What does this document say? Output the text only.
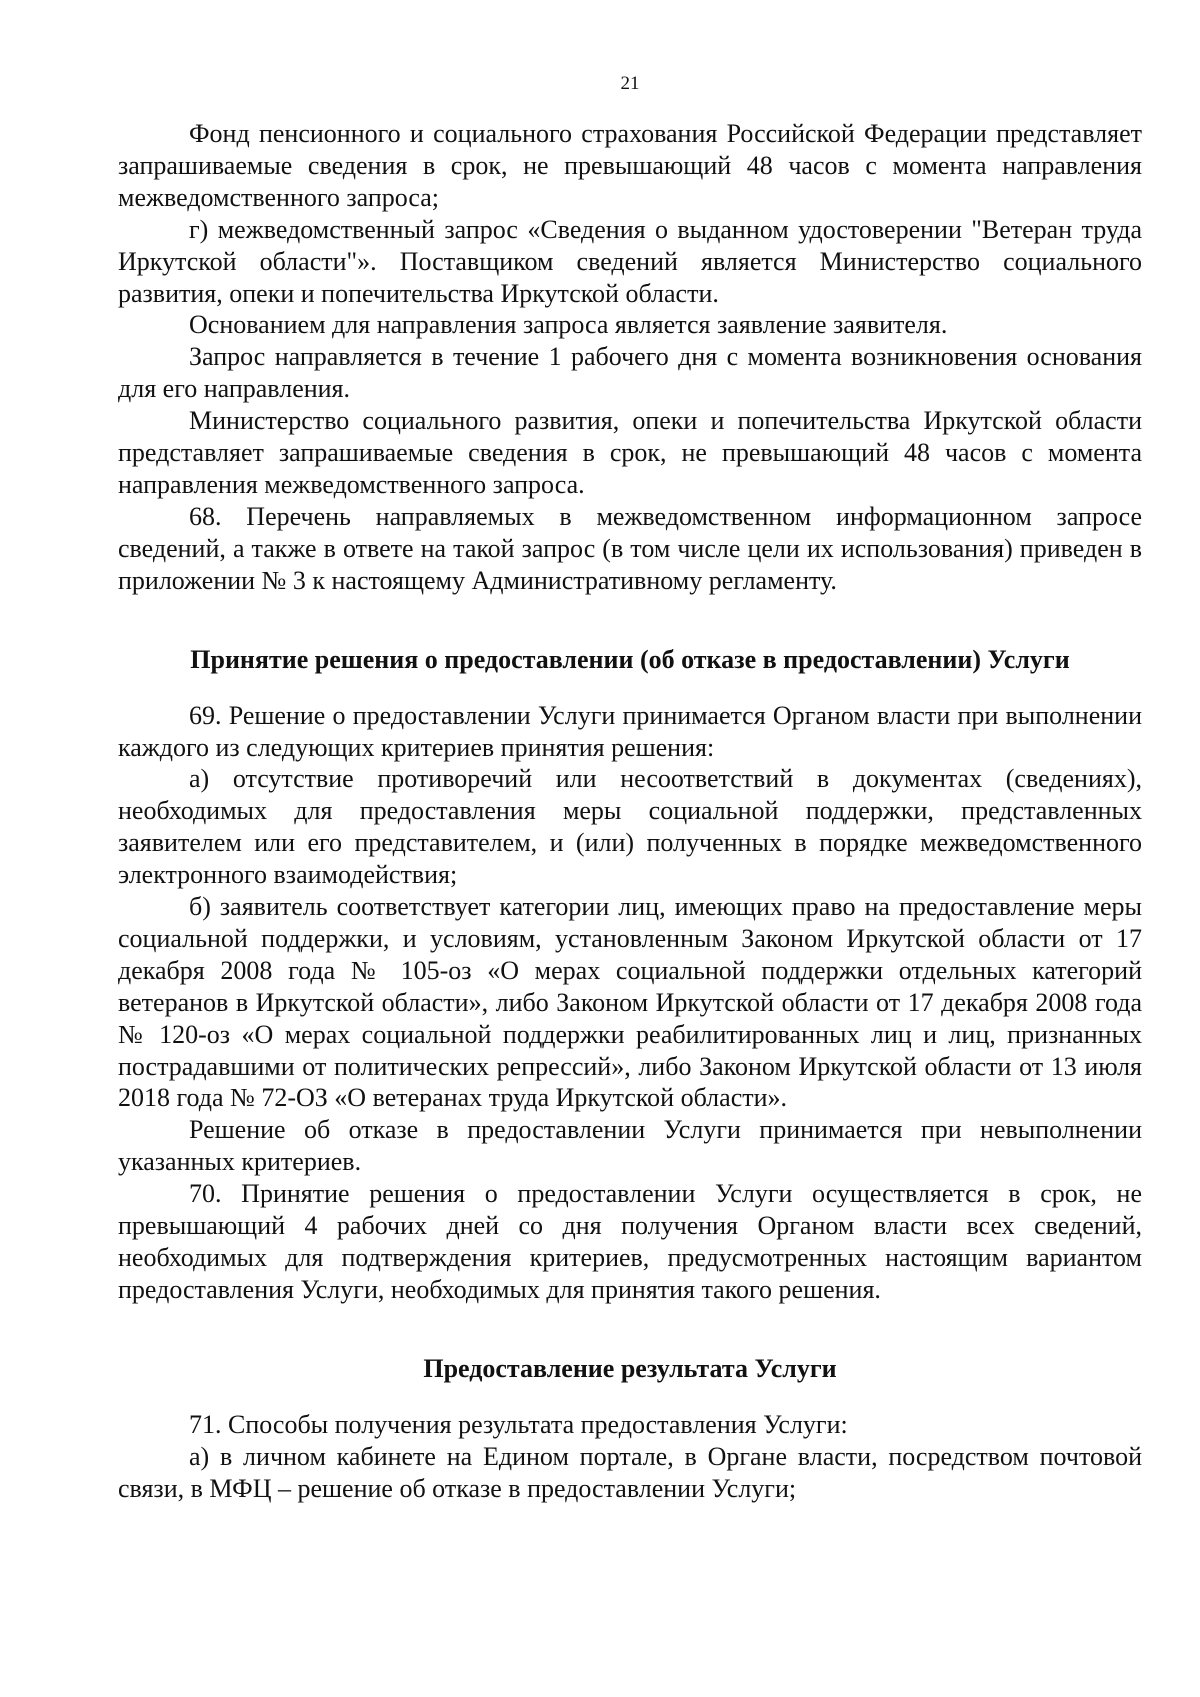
21

Фонд пенсионного и социального страхования Российской Федерации представляет запрашиваемые сведения в срок, не превышающий 48 часов с момента направления межведомственного запроса;

г) межведомственный запрос «Сведения о выданном удостоверении "Ветеран труда Иркутской области"». Поставщиком сведений является Министерство социального развития, опеки и попечительства Иркутской области.

Основанием для направления запроса является заявление заявителя.

Запрос направляется в течение 1 рабочего дня с момента возникновения основания для его направления.

Министерство социального развития, опеки и попечительства Иркутской области представляет запрашиваемые сведения в срок, не превышающий 48 часов с момента направления межведомственного запроса.

68. Перечень направляемых в межведомственном информационном запросе сведений, а также в ответе на такой запрос (в том числе цели их использования) приведен в приложении № 3 к настоящему Административному регламенту.

Принятие решения о предоставлении (об отказе в предоставлении) Услуги

69. Решение о предоставлении Услуги принимается Органом власти при выполнении каждого из следующих критериев принятия решения:

а) отсутствие противоречий или несоответствий в документах (сведениях), необходимых для предоставления меры социальной поддержки, представленных заявителем или его представителем, и (или) полученных в порядке межведомственного электронного взаимодействия;

б) заявитель соответствует категории лиц, имеющих право на предоставление меры социальной поддержки, и условиям, установленным Законом Иркутской области от 17 декабря 2008 года № 105-оз «О мерах социальной поддержки отдельных категорий ветеранов в Иркутской области», либо Законом Иркутской области от 17 декабря 2008 года № 120-оз «О мерах социальной поддержки реабилитированных лиц и лиц, признанных пострадавшими от политических репрессий», либо Законом Иркутской области от 13 июля 2018 года № 72-ОЗ «О ветеранах труда Иркутской области».

Решение об отказе в предоставлении Услуги принимается при невыполнении указанных критериев.

70. Принятие решения о предоставлении Услуги осуществляется в срок, не превышающий 4 рабочих дней со дня получения Органом власти всех сведений, необходимых для подтверждения критериев, предусмотренных настоящим вариантом предоставления Услуги, необходимых для принятия такого решения.

Предоставление результата Услуги

71. Способы получения результата предоставления Услуги:

а) в личном кабинете на Едином портале, в Органе власти, посредством почтовой связи, в МФЦ – решение об отказе в предоставлении Услуги;
